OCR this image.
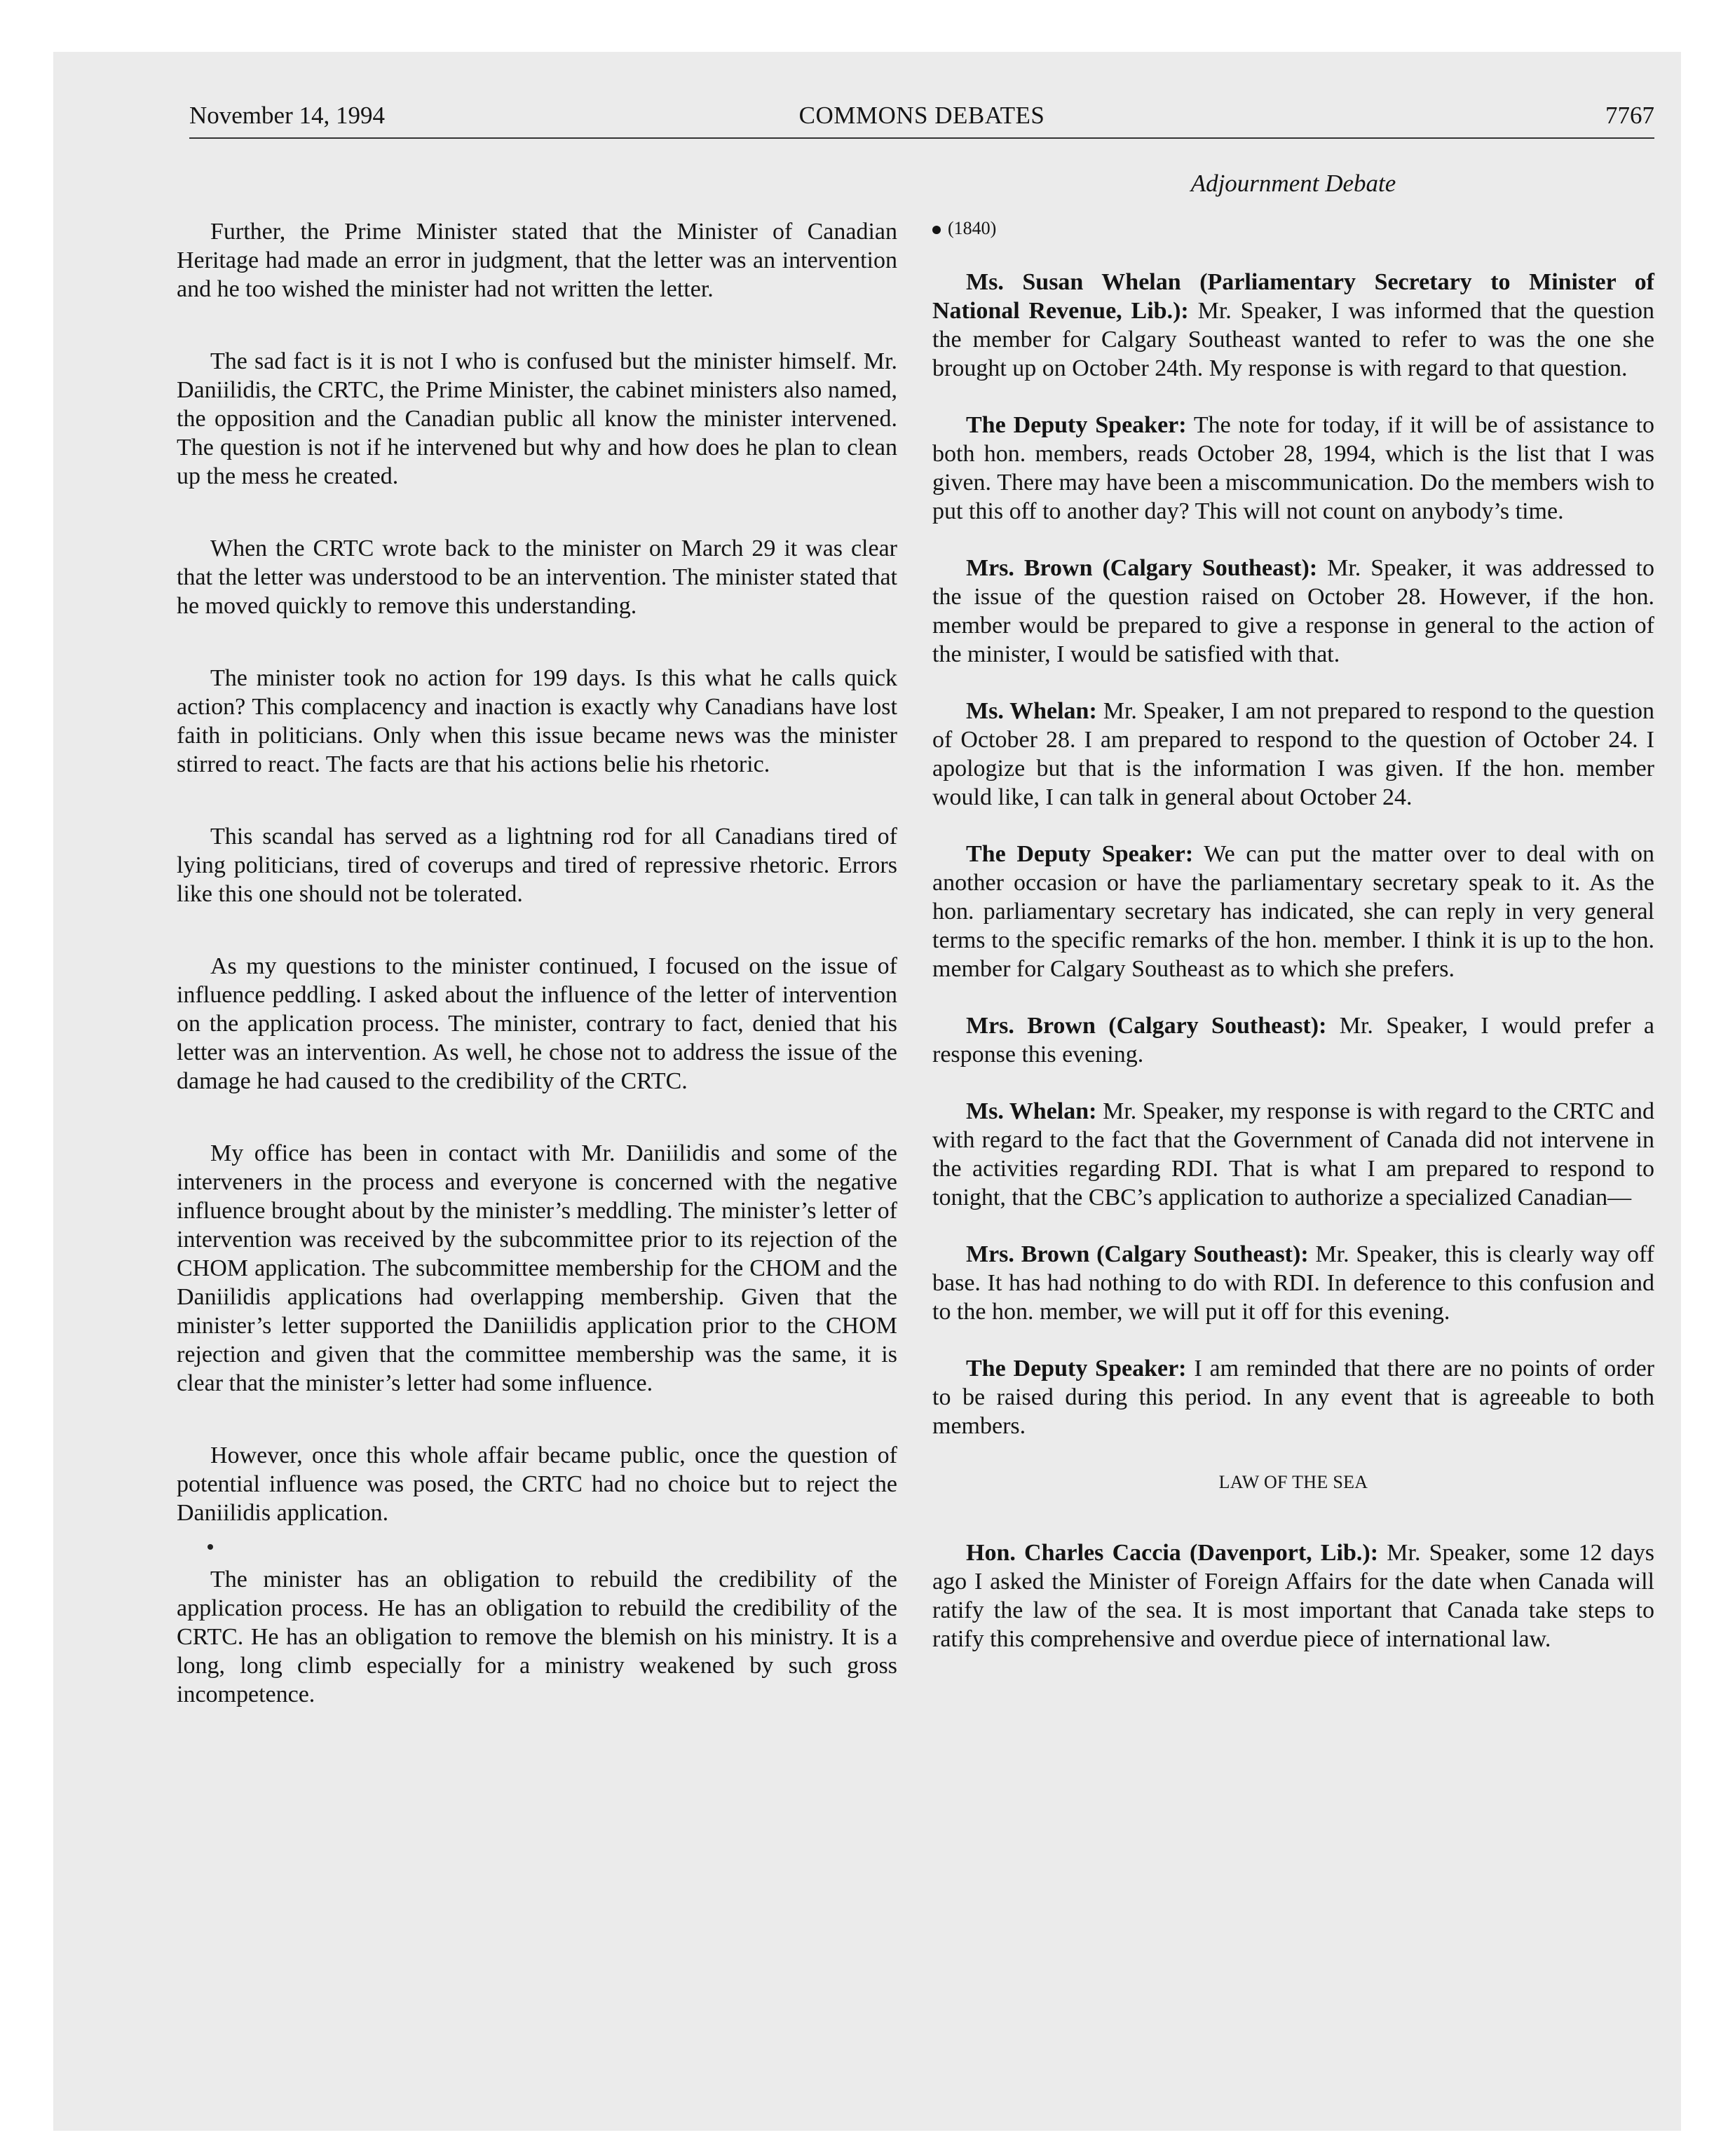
November 14, 1994	COMMONS DEBATES	7767

Further, the Prime Minister stated that the Minister of Canadian Heritage had made an error in judgment, that the letter was an intervention and he too wished the minister had not written the letter.

The sad fact is it is not I who is confused but the minister himself. Mr. Daniilidis, the CRTC, the Prime Minister, the cabinet ministers also named, the opposition and the Canadian public all know the minister intervened. The question is not if he intervened but why and how does he plan to clean up the mess he created.

When the CRTC wrote back to the minister on March 29 it was clear that the letter was understood to be an intervention. The minister stated that he moved quickly to remove this understanding.

The minister took no action for 199 days. Is this what he calls quick action? This complacency and inaction is exactly why Canadians have lost faith in politicians. Only when this issue became news was the minister stirred to react. The facts are that his actions belie his rhetoric.

This scandal has served as a lightning rod for all Canadians tired of lying politicians, tired of coverups and tired of repressive rhetoric. Errors like this one should not be tolerated.

As my questions to the minister continued, I focused on the issue of influence peddling. I asked about the influence of the letter of intervention on the application process. The minister, contrary to fact, denied that his letter was an intervention. As well, he chose not to address the issue of the damage he had caused to the credibility of the CRTC.

My office has been in contact with Mr. Daniilidis and some of the interveners in the process and everyone is concerned with the negative influence brought about by the minister’s meddling. The minister’s letter of intervention was received by the subcommittee prior to its rejection of the CHOM application. The subcommittee membership for the CHOM and the Daniilidis applications had overlapping membership. Given that the minister’s letter supported the Daniilidis application prior to the CHOM rejection and given that the committee membership was the same, it is clear that the minister’s letter had some influence.

However, once this whole affair became public, once the question of potential influence was posed, the CRTC had no choice but to reject the Daniilidis application.

The minister has an obligation to rebuild the credibility of the application process. He has an obligation to rebuild the credibility of the CRTC. He has an obligation to remove the blemish on his ministry. It is a long, long climb especially for a ministry weakened by such gross incompetence.

Adjournment Debate
(1840)

Ms. Susan Whelan (Parliamentary Secretary to Minister of National Revenue, Lib.): Mr. Speaker, I was informed that the question the member for Calgary Southeast wanted to refer to was the one she brought up on October 24th. My response is with regard to that question.

The Deputy Speaker: The note for today, if it will be of assistance to both hon. members, reads October 28, 1994, which is the list that I was given. There may have been a miscommunication. Do the members wish to put this off to another day? This will not count on anybody’s time.

Mrs. Brown (Calgary Southeast): Mr. Speaker, it was addressed to the issue of the question raised on October 28. However, if the hon. member would be prepared to give a response in general to the action of the minister, I would be satisfied with that.

Ms. Whelan: Mr. Speaker, I am not prepared to respond to the question of October 28. I am prepared to respond to the question of October 24. I apologize but that is the information I was given. If the hon. member would like, I can talk in general about October 24.

The Deputy Speaker: We can put the matter over to deal with on another occasion or have the parliamentary secretary speak to it. As the hon. parliamentary secretary has indicated, she can reply in very general terms to the specific remarks of the hon. member. I think it is up to the hon. member for Calgary Southeast as to which she prefers.

Mrs. Brown (Calgary Southeast): Mr. Speaker, I would prefer a response this evening.

Ms. Whelan: Mr. Speaker, my response is with regard to the CRTC and with regard to the fact that the Government of Canada did not intervene in the activities regarding RDI. That is what I am prepared to respond to tonight, that the CBC’s application to authorize a specialized Canadian—

Mrs. Brown (Calgary Southeast): Mr. Speaker, this is clearly way off base. It has had nothing to do with RDI. In deference to this confusion and to the hon. member, we will put it off for this evening.

The Deputy Speaker: I am reminded that there are no points of order to be raised during this period. In any event that is agreeable to both members.

LAW OF THE SEA

Hon. Charles Caccia (Davenport, Lib.): Mr. Speaker, some 12 days ago I asked the Minister of Foreign Affairs for the date when Canada will ratify the law of the sea. It is most important that Canada take steps to ratify this comprehensive and overdue piece of international law.
